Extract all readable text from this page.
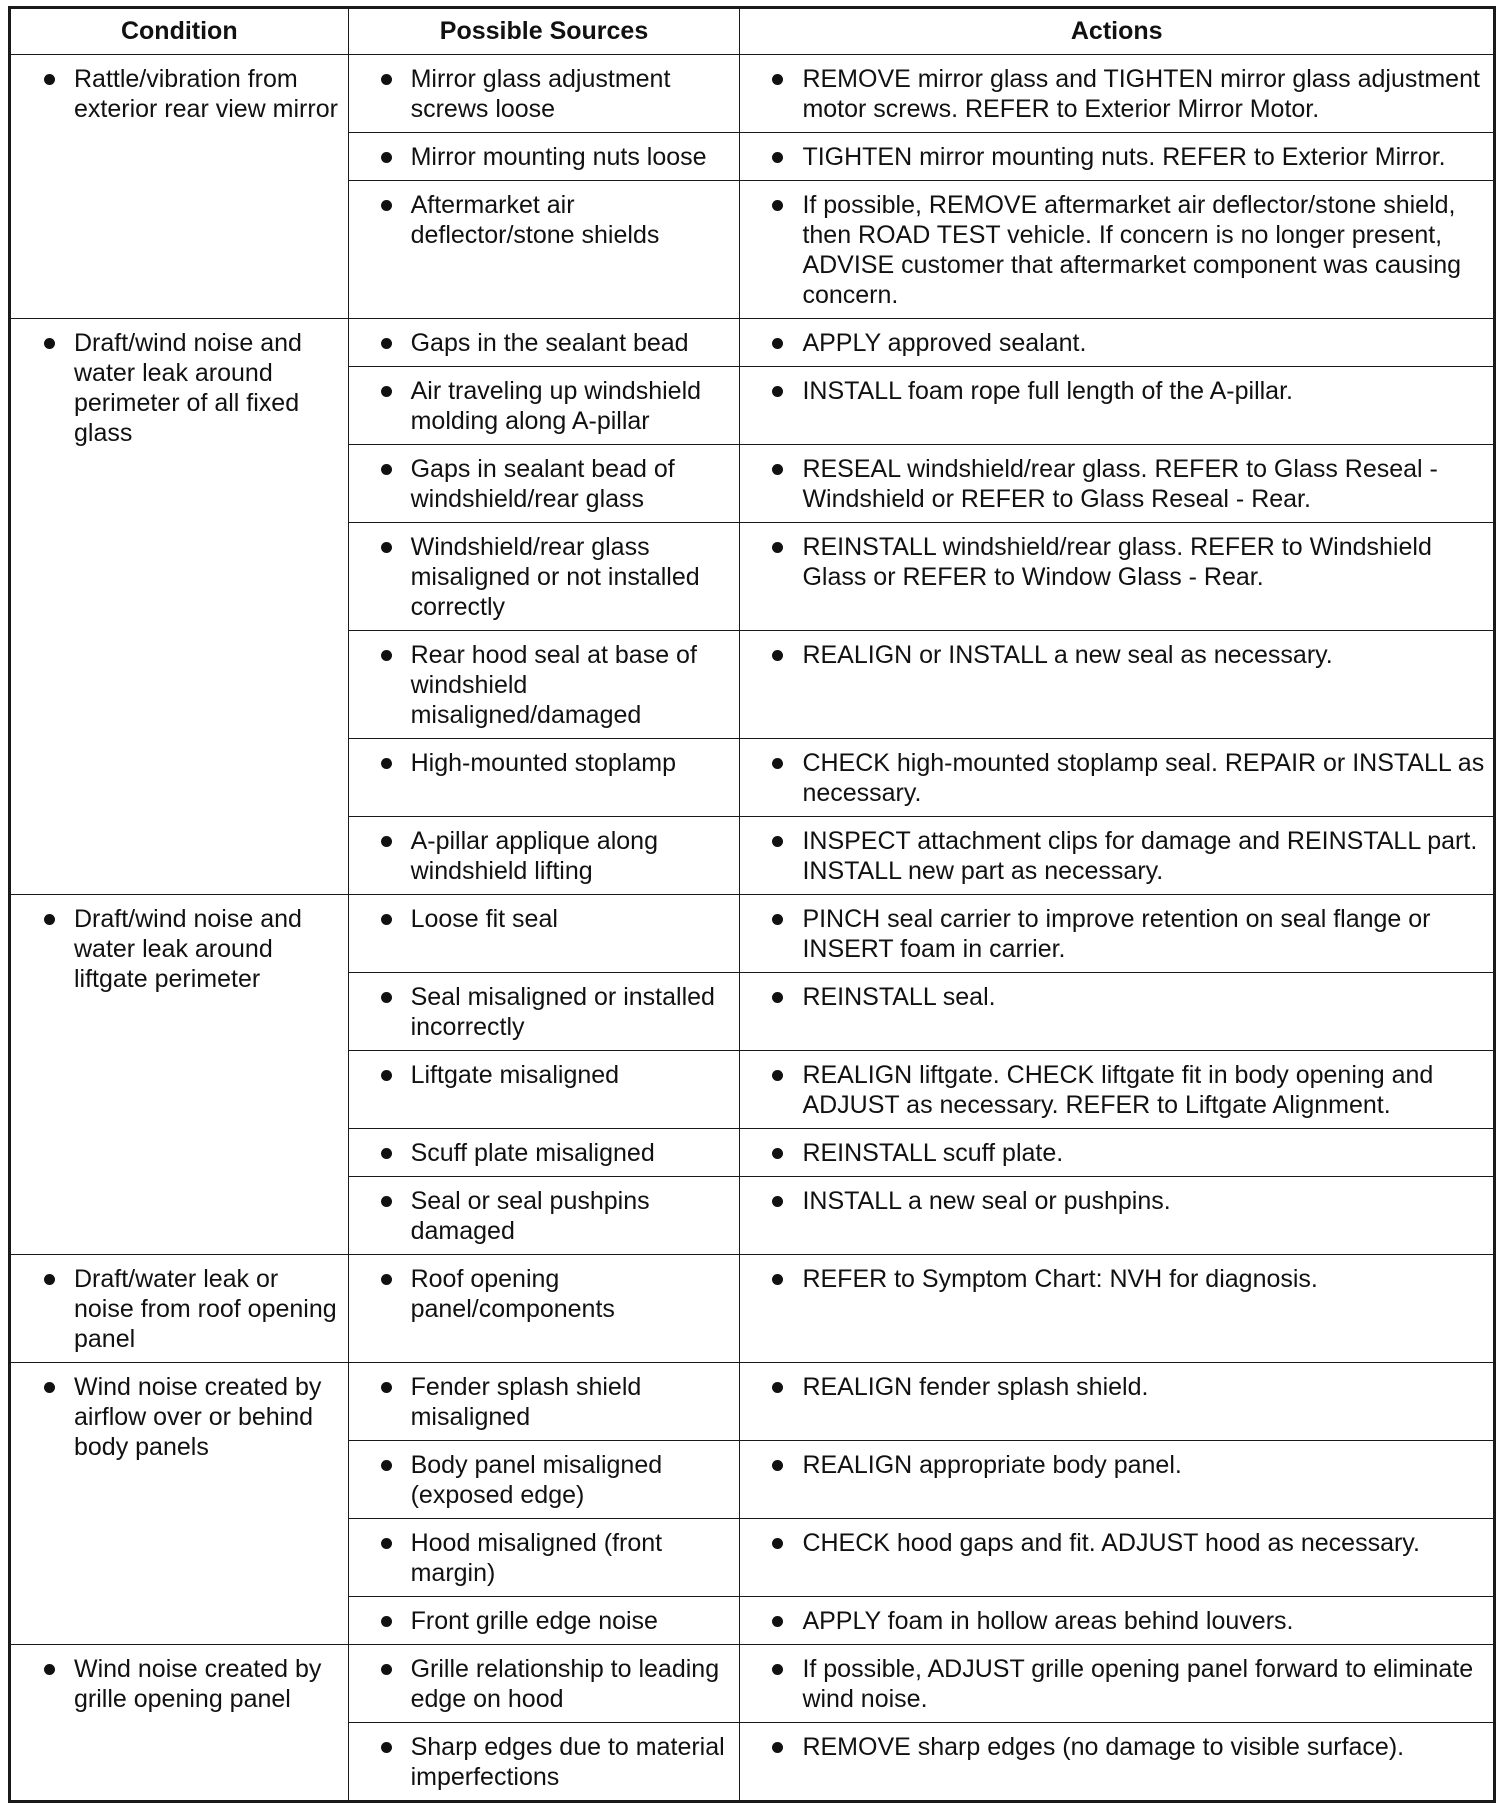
Condition	Possible Sources	Actions

Rattle/vibration from exterior rear view mirror	Mirror glass adjustment screws loose	REMOVE mirror glass and TIGHTEN mirror glass adjustment motor screws. REFER to Exterior Mirror Motor.

Mirror mounting nuts loose	TIGHTEN mirror mounting nuts. REFER to Exterior Mirror.

Aftermarket air deflector/stone shields	If possible, REMOVE aftermarket air deflector/stone shield, then ROAD TEST vehicle. If concern is no longer present, ADVISE customer that aftermarket component was causing concern.

Draft/wind noise and water leak around perimeter of all fixed glass	Gaps in the sealant bead	APPLY approved sealant.

Air traveling up windshield molding along A-pillar	INSTALL foam rope full length of the A-pillar.

Gaps in sealant bead of windshield/rear glass	RESEAL windshield/rear glass. REFER to Glass Reseal - Windshield or REFER to Glass Reseal - Rear.

Windshield/rear glass misaligned or not installed correctly	REINSTALL windshield/rear glass. REFER to Windshield Glass or REFER to Window Glass - Rear.

Rear hood seal at base of windshield misaligned/damaged	REALIGN or INSTALL a new seal as necessary.

High-mounted stoplamp	CHECK high-mounted stoplamp seal. REPAIR or INSTALL as necessary.

A-pillar applique along windshield lifting	INSPECT attachment clips for damage and REINSTALL part. INSTALL new part as necessary.

Draft/wind noise and water leak around liftgate perimeter	Loose fit seal	PINCH seal carrier to improve retention on seal flange or INSERT foam in carrier.

Seal misaligned or installed incorrectly	REINSTALL seal.

Liftgate misaligned	REALIGN liftgate. CHECK liftgate fit in body opening and ADJUST as necessary. REFER to Liftgate Alignment.

Scuff plate misaligned	REINSTALL scuff plate.

Seal or seal pushpins damaged	INSTALL a new seal or pushpins.

Draft/water leak or noise from roof opening panel	Roof opening panel/components	REFER to Symptom Chart: NVH for diagnosis.

Wind noise created by airflow over or behind body panels	Fender splash shield misaligned	REALIGN fender splash shield.

Body panel misaligned (exposed edge)	REALIGN appropriate body panel.

Hood misaligned (front margin)	CHECK hood gaps and fit. ADJUST hood as necessary.

Front grille edge noise	APPLY foam in hollow areas behind louvers.

Wind noise created by grille opening panel	Grille relationship to leading edge on hood	If possible, ADJUST grille opening panel forward to eliminate wind noise.

Sharp edges due to material imperfections	REMOVE sharp edges (no damage to visible surface).
